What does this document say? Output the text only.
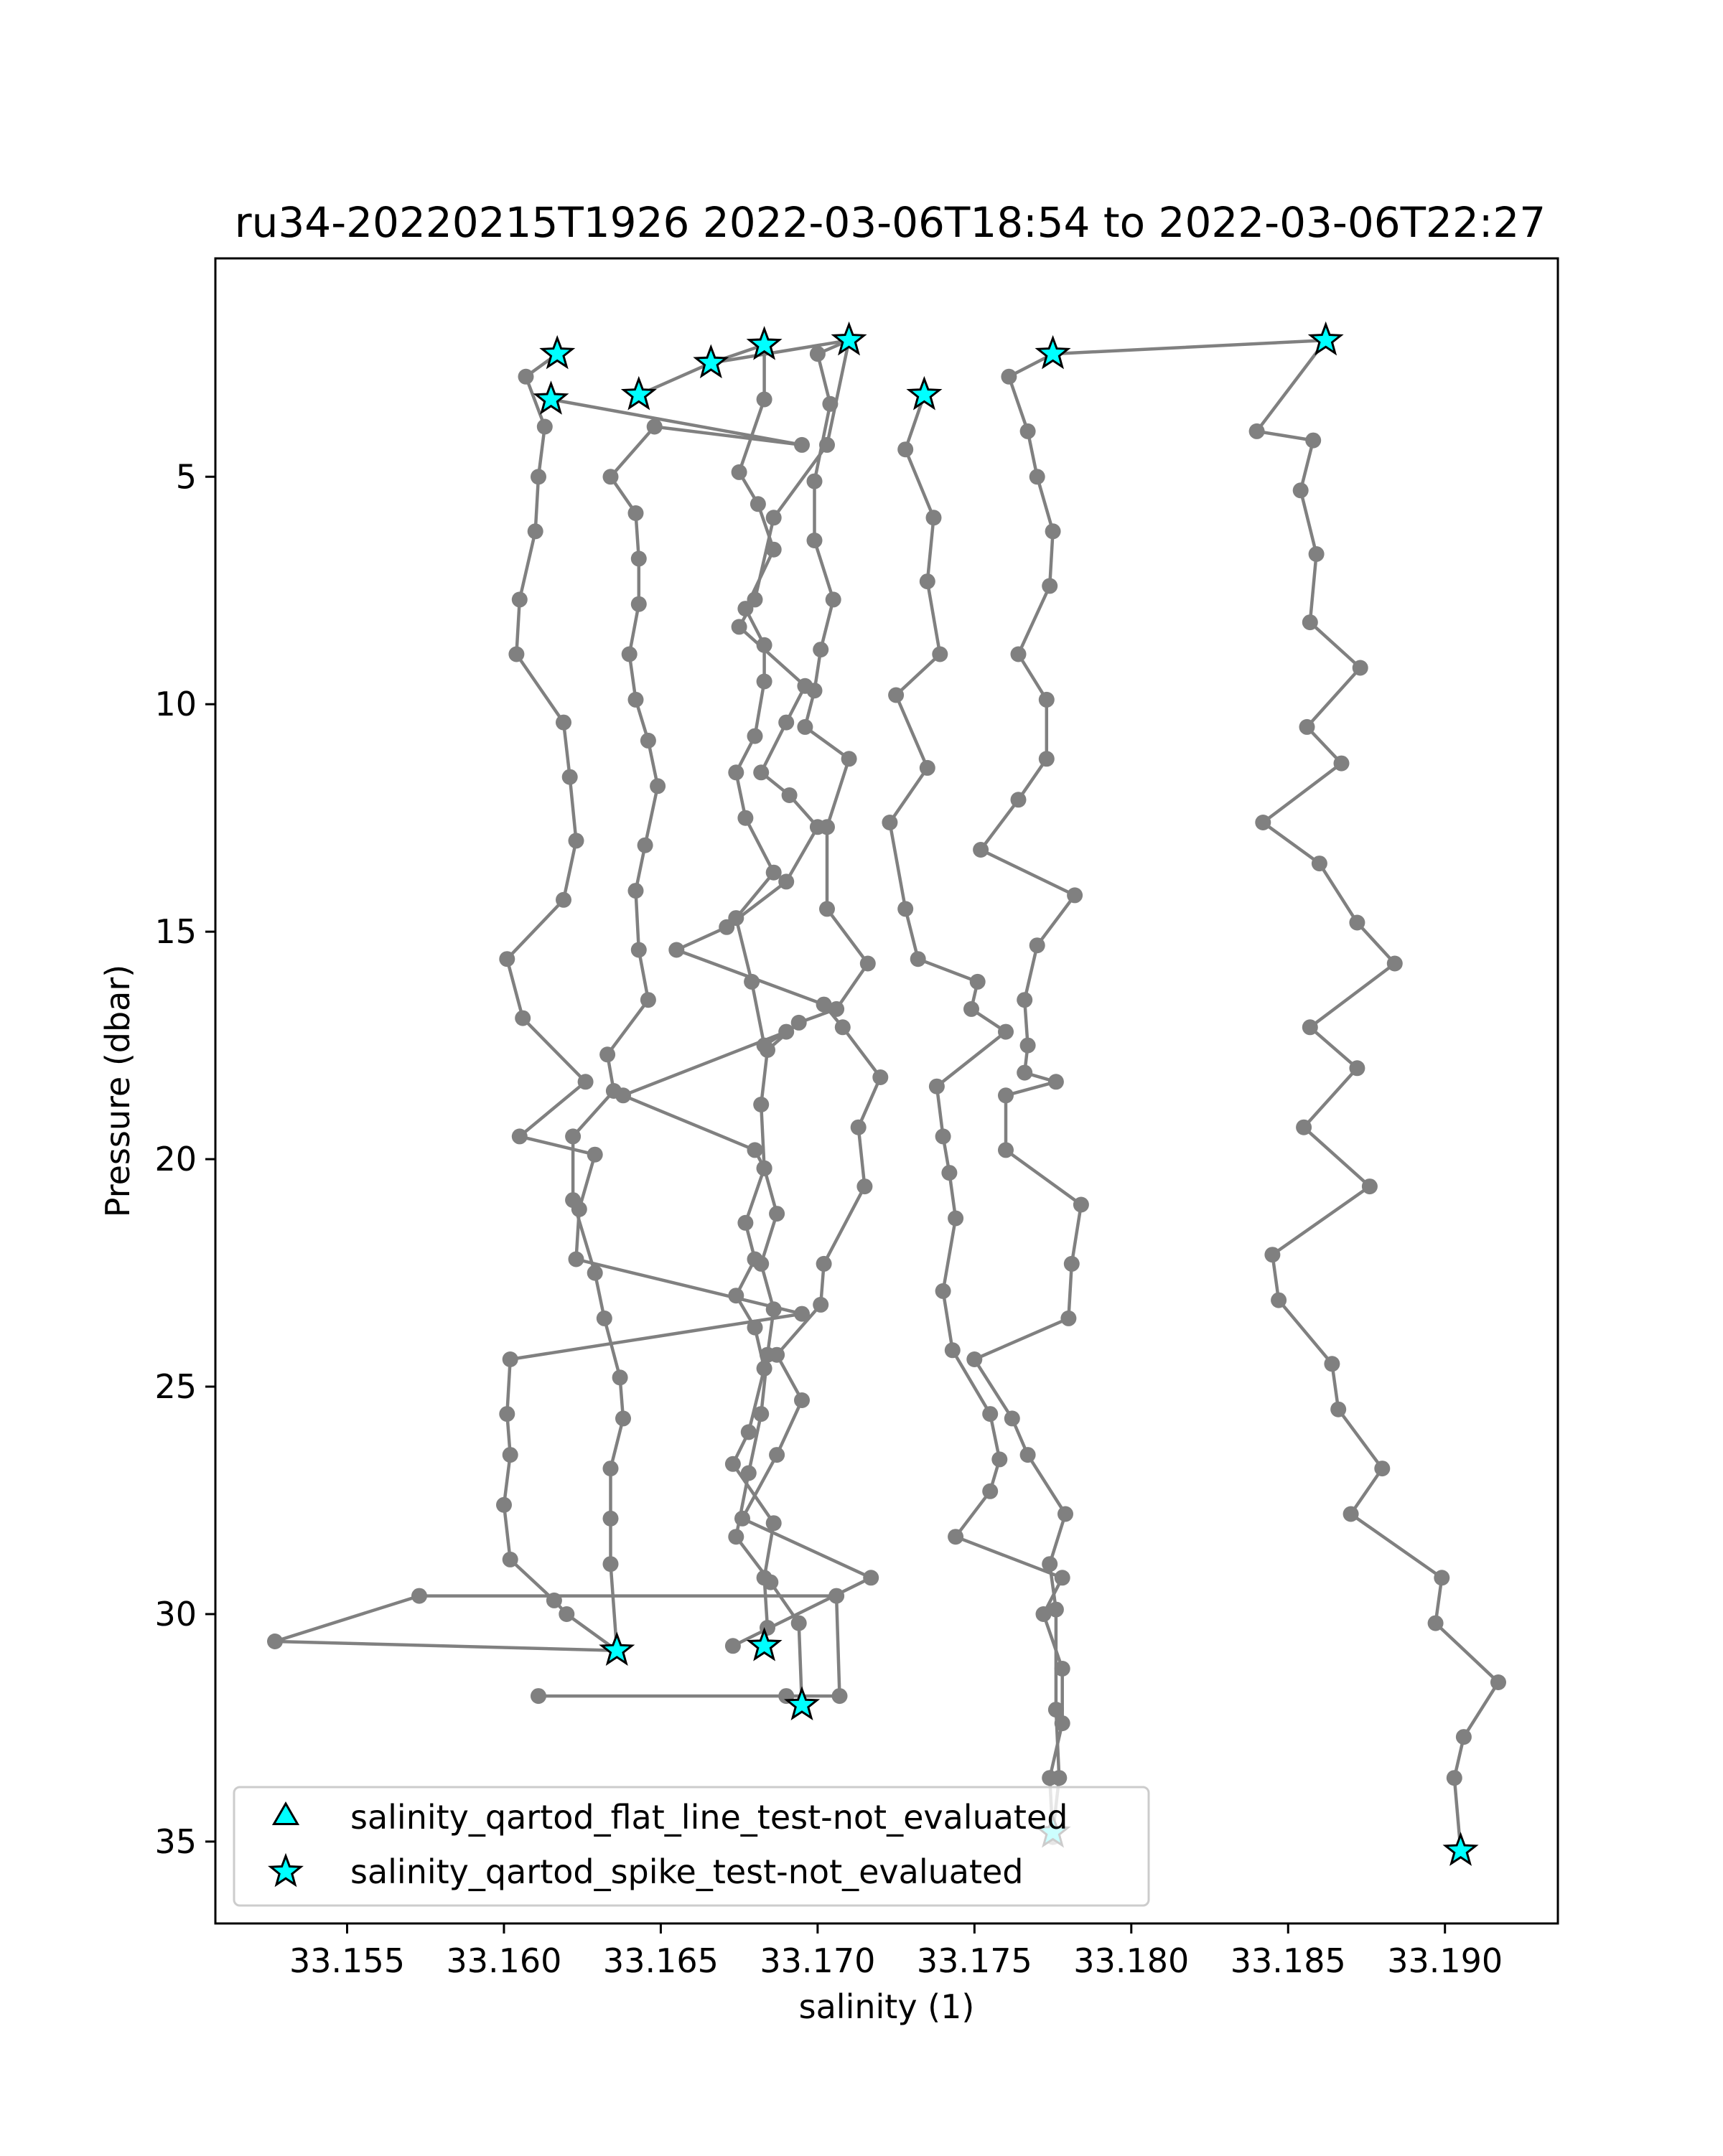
ru34-20220215T1926 2022-03-06T18:54 to 2022-03-06T22:27
33.155 33.160 33.165 33.170 33.175 33.180 33.185 33.190
5
10
15
20
25
30
35
salinity (1)
Pressure (dbar)
salinity_qartod_flat_line_test-not_evaluated
salinity_qartod_spike_test-not_evaluated
